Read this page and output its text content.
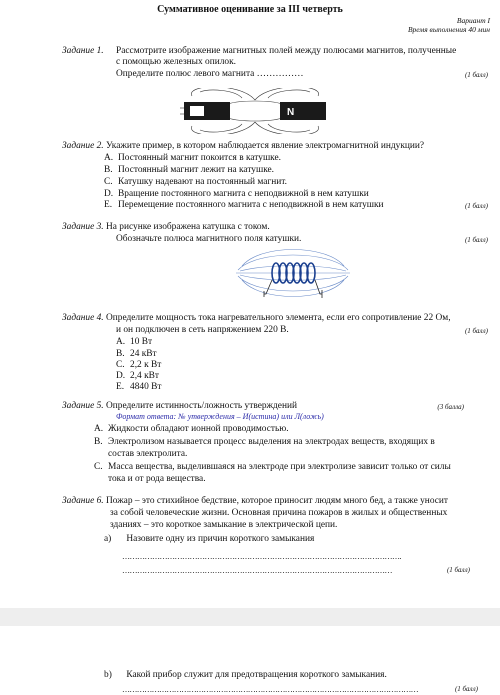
Суммативное оценивание за III четверть
Вариант I
Время выполнения 40 мин
Задание 1. Рассмотрите изображение магнитных полей между полюсами магнитов, полученные
с помощью железных опилок.
Определите полюс левого магнита ……………	(1 балл)
N
Задание 2. Укажите пример, в котором наблюдается явление электромагнитной индукции?
A. Постоянный магнит покоится в катушке.
B. Постоянный магнит лежит на катушке.
C. Катушку надевают на постоянный магнит.
D. Вращение постоянного магнита с неподвижной в нем катушки
E. Перемещение постоянного магнита с неподвижной в нем катушки	(1 балл)
Задание 3. На рисунке изображена катушка с током.
Обозначьте полюса магнитного поля катушки.	(1 балл)
Задание 4. Определите мощность тока нагревательного элемента, если его сопротивление 22 Ом,
и он подключен в сеть напряжением 220 В.	(1 балл)
A. 10 Вт
B. 24 кВт
C. 2,2 к Вт
D. 2,4 кВт
E. 4840 Вт
Задание 5. Определите истинность/ложность утверждений	(3 балла)
Формат ответа: № утверждения – И(истина) или Л(ложь)
A. Жидкости обладают ионной проводимостью.
B. Электролизом называется процесс выделения на электродах веществ, входящих в
состав электролита.
C. Масса вещества, выделившаяся на электроде при электролизе зависит только от силы
тока и от рода вещества.
Задание 6. Пожар – это стихийное бедствие, которое приносит людям много бед, а также уносит
за собой человеческие жизни. Основная причина пожаров в жилых и общественных
зданиях – это короткое замыкание в электрической цепи.
а) Назовите одну из причин короткого замыкания
………………………………………………………………………………………………….
………………………………………………………………………………………………	(1 балл)
b) Какой прибор служит для предотвращения короткого замыкания.
…………………………………………………………………………………………………………	(1 балл)
